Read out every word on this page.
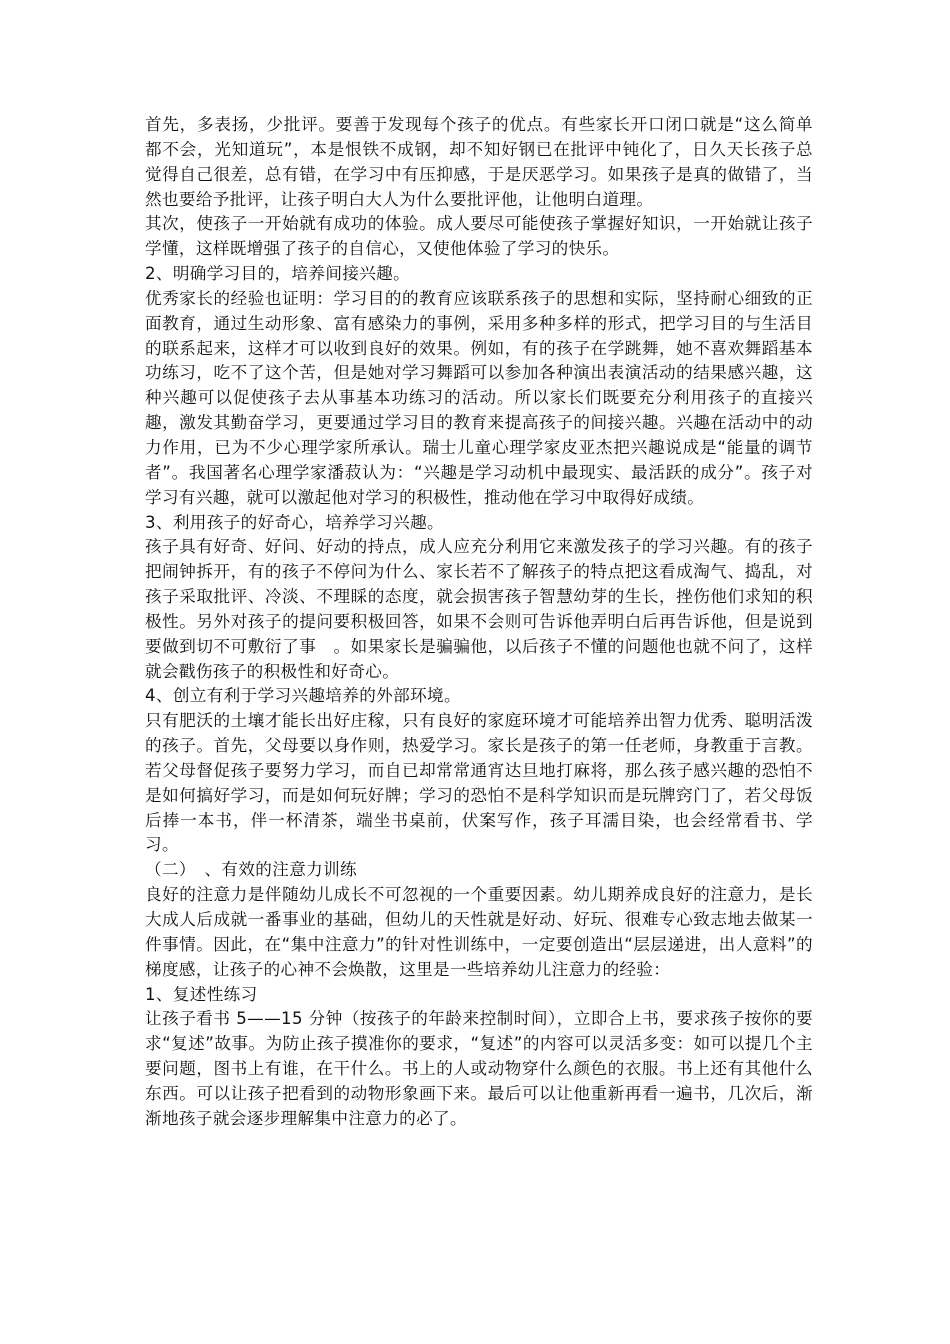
首先，多表扬，少批评。要善于发现每个孩子的优点。有些家长开口闭口就是“这么简单都不会，光知道玩”，本是恨铁不成钢，却不知好钢已在批评中钝化了，日久天长孩子总觉得自己很差，总有错，在学习中有压抑感，于是厌恶学习。如果孩子是真的做错了，当然也要给予批评，让孩子明白大人为什么要批评他，让他明白道理。

其次，使孩子一开始就有成功的体验。成人要尽可能使孩子掌握好知识，一开始就让孩子学懂，这样既增强了孩子的自信心，又使他体验了学习的快乐。

2、明确学习目的，培养间接兴趣。

优秀家长的经验也证明：学习目的的教育应该联系孩子的思想和实际，坚持耐心细致的正面教育，通过生动形象、富有感染力的事例，采用多种多样的形式，把学习目的与生活目的联系起来，这样才可以收到良好的效果。例如，有的孩子在学跳舞，她不喜欢舞蹈基本功练习，吃不了这个苦，但是她对学习舞蹈可以参加各种演出表演活动的结果感兴趣，这种兴趣可以促使孩子去从事基本功练习的活动。所以家长们既要充分利用孩子的直接兴趣，激发其勤奋学习，更要通过学习目的教育来提高孩子的间接兴趣。兴趣在活动中的动力作用，已为不少心理学家所承认。瑞士儿童心理学家皮亚杰把兴趣说成是“能量的调节者”。我国著名心理学家潘菽认为：“兴趣是学习动机中最现实、最活跃的成分”。孩子对学习有兴趣，就可以激起他对学习的积极性，推动他在学习中取得好成绩。

3、利用孩子的好奇心，培养学习兴趣。

孩子具有好奇、好问、好动的持点，成人应充分利用它来激发孩子的学习兴趣。有的孩子把闹钟拆开，有的孩子不停问为什么、家长若不了解孩子的特点把这看成淘气、捣乱，对孩子采取批评、冷淡、不理睬的态度，就会损害孩子智慧幼芽的生长，挫伤他们求知的积极性。另外对孩子的提问要积极回答，如果不会则可告诉他弄明白后再告诉他，但是说到要做到切不可敷衍了事　。如果家长是骗骗他，以后孩子不懂的问题他也就不问了，这样就会戳伤孩子的积极性和好奇心。

4、创立有利于学习兴趣培养的外部环境。

只有肥沃的土壤才能长出好庄稼，只有良好的家庭环境才可能培养出智力优秀、聪明活泼的孩子。首先，父母要以身作则，热爱学习。家长是孩子的第一任老师，身教重于言教。若父母督促孩子要努力学习，而自已却常常通宵达旦地打麻将，那么孩子感兴趣的恐怕不是如何搞好学习，而是如何玩好牌；学习的恐怕不是科学知识而是玩牌窍门了，若父母饭后捧一本书，伴一杯清茶，端坐书桌前，伏案写作，孩子耳濡目染，也会经常看书、学习。

（二）　、有效的注意力训练

良好的注意力是伴随幼儿成长不可忽视的一个重要因素。幼儿期养成良好的注意力，是长大成人后成就一番事业的基础，但幼儿的天性就是好动、好玩、很难专心致志地去做某一件事情。因此，在“集中注意力”的针对性训练中，一定要创造出“层层递进，出人意料”的梯度感，让孩子的心神不会焕散，这里是一些培养幼儿注意力的经验：

1、复述性练习

让孩子看书 5——15 分钟（按孩子的年龄来控制时间），立即合上书，要求孩子按你的要求“复述”故事。为防止孩子摸准你的要求，“复述”的内容可以灵活多变：如可以提几个主要问题，图书上有谁，在干什么。书上的人或动物穿什么颜色的衣服。书上还有其他什么东西。可以让孩子把看到的动物形象画下来。最后可以让他重新再看一遍书，几次后，渐渐地孩子就会逐步理解集中注意力的必了。
